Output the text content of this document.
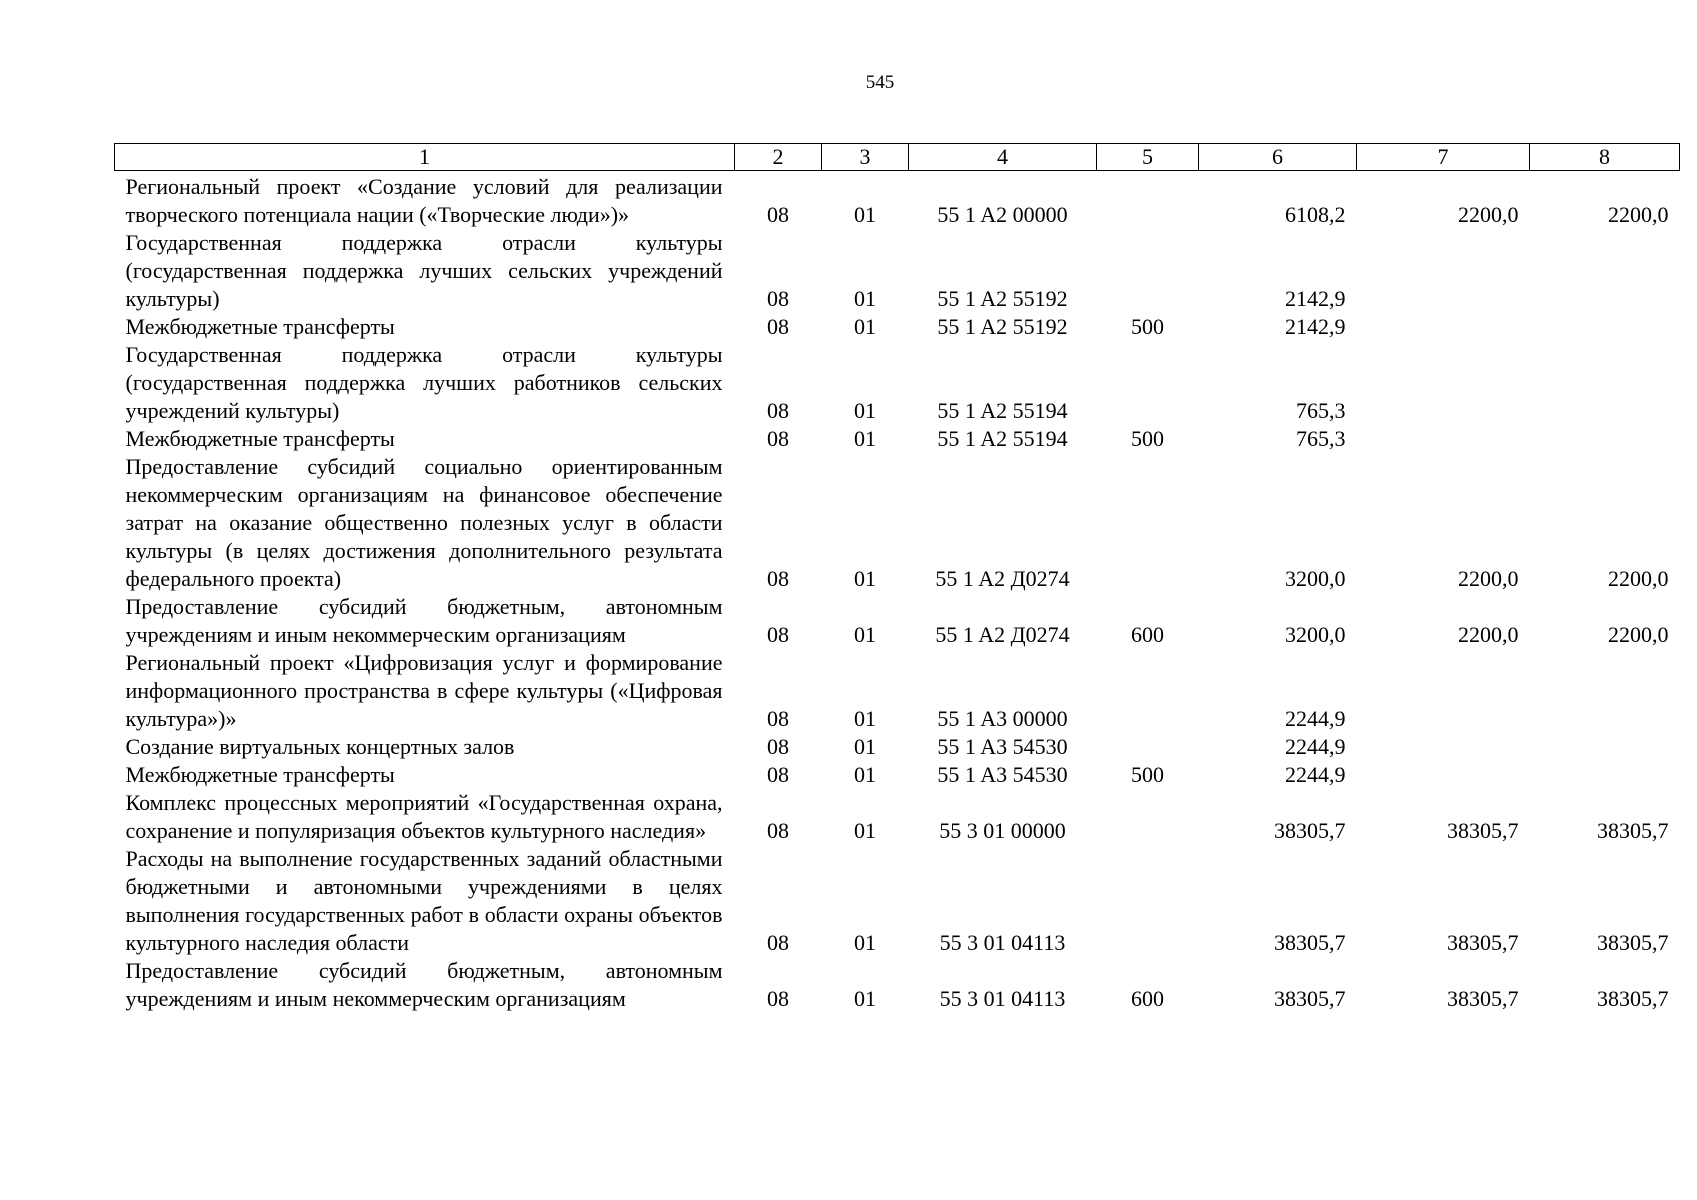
545
1	2	3	4	5	6	7	8
Региональный проект «Создание условий для реализации творческого потенциала нации («Творческие люди»)»	08	01	55 1 A2 00000		6108,2	2200,0	2200,0
Государственная поддержка отрасли культуры (государственная поддержка лучших сельских учреждений культуры)	08	01	55 1 A2 55192		2142,9		
Межбюджетные трансферты	08	01	55 1 A2 55192	500	2142,9		
Государственная поддержка отрасли культуры (государственная поддержка лучших работников сельских учреждений культуры)	08	01	55 1 A2 55194		765,3		
Межбюджетные трансферты	08	01	55 1 A2 55194	500	765,3		
Предоставление субсидий социально ориентированным некоммерческим организациям на финансовое обеспечение затрат на оказание общественно полезных услуг в области культуры (в целях достижения дополнительного результата федерального проекта)	08	01	55 1 A2 Д0274		3200,0	2200,0	2200,0
Предоставление субсидий бюджетным, автономным учреждениям и иным некоммерческим организациям	08	01	55 1 A2 Д0274	600	3200,0	2200,0	2200,0
Региональный проект «Цифровизация услуг и формирование информационного пространства в сфере культуры («Цифровая культура»)»	08	01	55 1 A3 00000		2244,9		
Создание виртуальных концертных залов	08	01	55 1 A3 54530		2244,9		
Межбюджетные трансферты	08	01	55 1 A3 54530	500	2244,9		
Комплекс процессных мероприятий «Государственная охрана, сохранение и популяризация объектов культурного наследия»	08	01	55 3 01 00000		38305,7	38305,7	38305,7
Расходы на выполнение государственных заданий областными бюджетными и автономными учреждениями в целях выполнения государственных работ в области охраны объектов культурного наследия области	08	01	55 3 01 04113		38305,7	38305,7	38305,7
Предоставление субсидий бюджетным, автономным учреждениям и иным некоммерческим организациям	08	01	55 3 01 04113	600	38305,7	38305,7	38305,7
